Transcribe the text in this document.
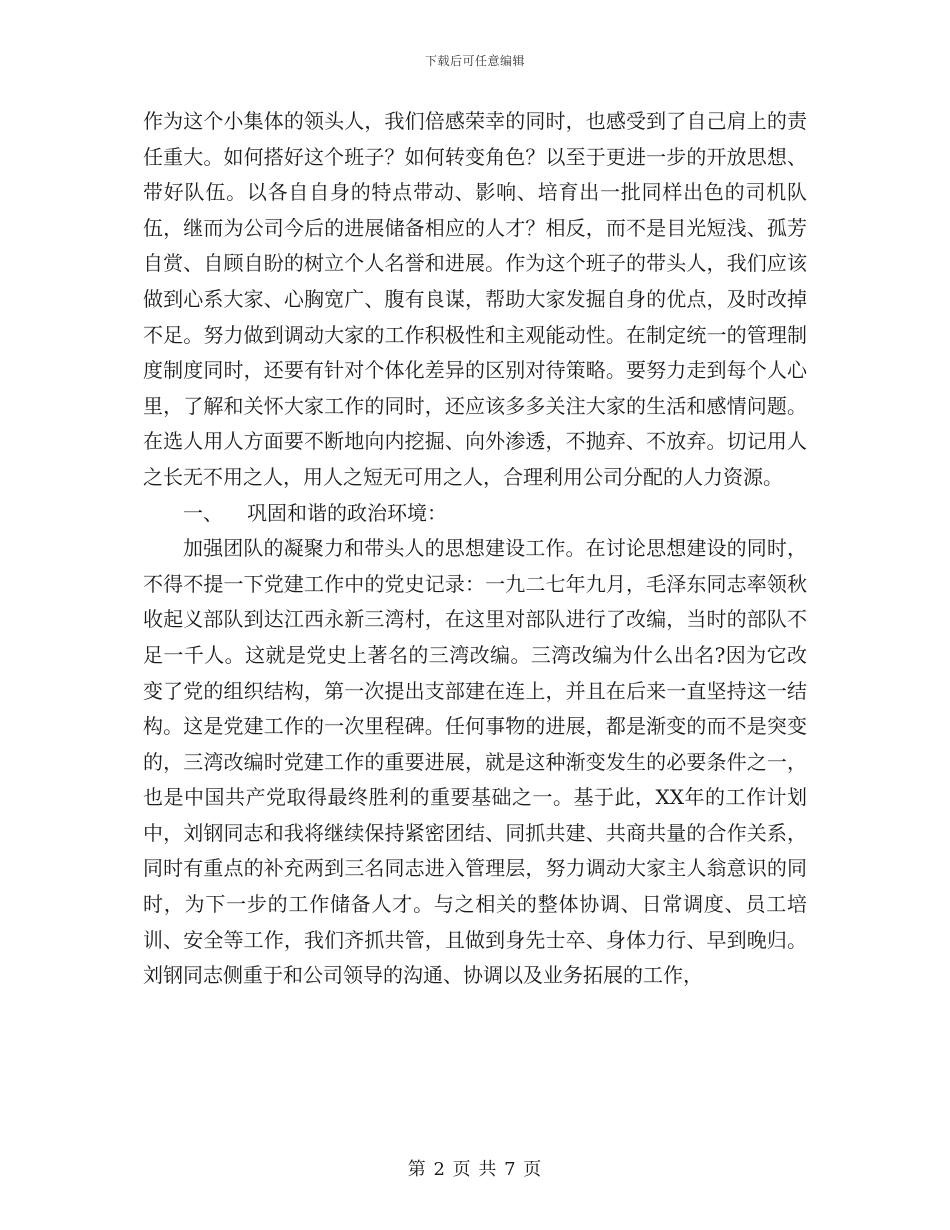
下载后可任意编辑

作为这个小集体的领头人，我们倍感荣幸的同时，也感受到了自己肩上的责任重大。如何搭好这个班子？如何转变角色？以至于更进一步的开放思想、带好队伍。以各自自身的特点带动、影响、培育出一批同样出色的司机队伍，继而为公司今后的进展储备相应的人才？相反，而不是目光短浅、孤芳自赏、自顾自盼的树立个人名誉和进展。作为这个班子的带头人，我们应该做到心系大家、心胸宽广、腹有良谋，帮助大家发掘自身的优点，及时改掉不足。努力做到调动大家的工作积极性和主观能动性。在制定统一的管理制度制度同时，还要有针对个体化差异的区别对待策略。要努力走到每个人心里，了解和关怀大家工作的同时，还应该多多关注大家的生活和感情问题。在选人用人方面要不断地向内挖掘、向外渗透，不抛弃、不放弃。切记用人之长无不用之人，用人之短无可用之人，合理利用公司分配的人力资源。

一、 巩固和谐的政治环境：

加强团队的凝聚力和带头人的思想建设工作。在讨论思想建设的同时，不得不提一下党建工作中的党史记录：一九二七年九月，毛泽东同志率领秋收起义部队到达江西永新三湾村，在这里对部队进行了改编，当时的部队不足一千人。这就是党史上著名的三湾改编。三湾改编为什么出名?因为它改变了党的组织结构，第一次提出支部建在连上，并且在后来一直坚持这一结构。这是党建工作的一次里程碑。任何事物的进展，都是渐变的而不是突变的，三湾改编时党建工作的重要进展，就是这种渐变发生的必要条件之一，也是中国共产党取得最终胜利的重要基础之一。基于此，XX年的工作计划中，刘钢同志和我将继续保持紧密团结、同抓共建、共商共量的合作关系，同时有重点的补充两到三名同志进入管理层，努力调动大家主人翁意识的同时，为下一步的工作储备人才。与之相关的整体协调、日常调度、员工培训、安全等工作，我们齐抓共管，且做到身先士卒、身体力行、早到晚归。刘钢同志侧重于和公司领导的沟通、协调以及业务拓展的工作，

第 2 页 共 7 页
